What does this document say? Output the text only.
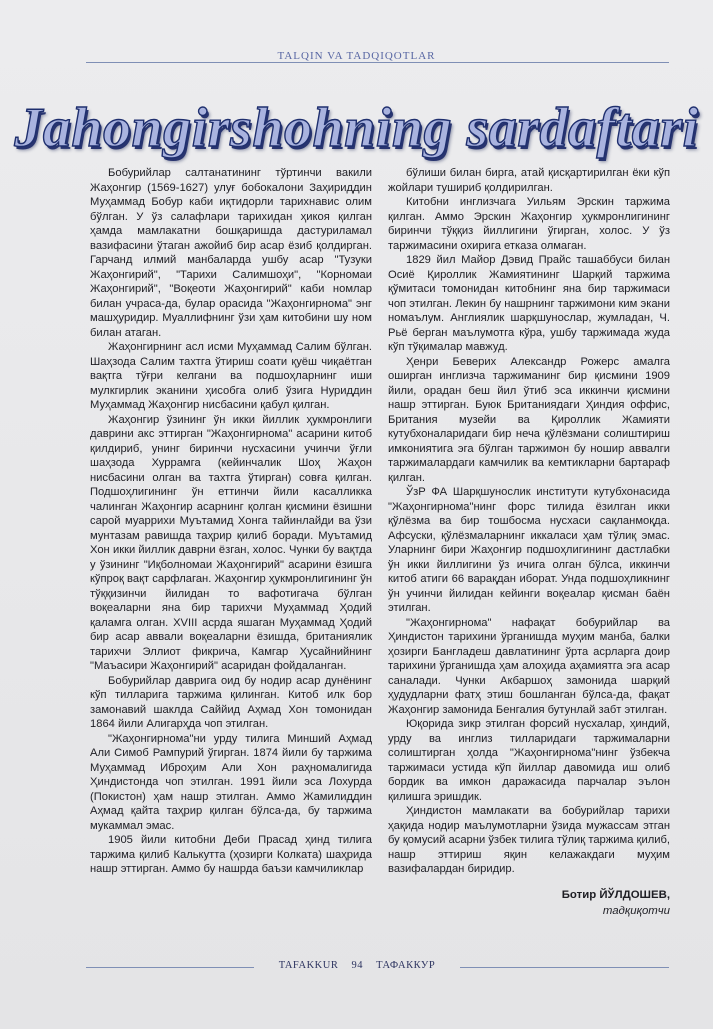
TALQIN VA TADQIQOTLAR
Jahongirshohning sardaftari

Бобурийлар салтанатининг тўртинчи вакили Жаҳонгир (1569-1627) улуғ бобокалони Заҳириддин Муҳаммад Бобур каби иқтидорли тарихнавис олим бўлган. У ўз салафлари тарихидан ҳикоя қилган ҳамда мамлакатни бошқаришда дастуриламал вазифасини ўтаган ажойиб бир асар ёзиб қолдирган. Гарчанд илмий манбаларда ушбу асар "Тузуки Жаҳонгирий", "Тарихи Салимшоҳи", "Корномаи Жаҳонгирий", "Воқеоти Жаҳонгирий" каби номлар билан учраса-да, булар орасида "Жаҳонгирнома" энг машҳуридир. Муаллифнинг ўзи ҳам китобини шу ном билан атаган.

Жаҳонгирнинг асл исми Муҳаммад Салим бўлган. Шаҳзода Салим тахтга ўтириш соати қуёш чиқаётган вақтга тўғри келгани ва подшоҳларнинг иши мулкгирлик эканини ҳисобга олиб ўзига Нуриддин Муҳаммад Жаҳонгир нисбасини қабул қилган.

Жаҳонгир ўзининг ўн икки йиллик ҳукмронлиги даврини акс эттирган "Жаҳонгирнома" асарини китоб қилдириб, унинг биринчи нусхасини учинчи ўғли шаҳзода Хуррамга (кейинчалик Шоҳ Жаҳон нисбасини олган ва тахтга ўтирган) совға қилган. Подшоҳлигининг ўн еттинчи йили касалликка чалинган Жаҳонгир асарнинг қолган қисмини ёзишни сарой муаррихи Муътамид Хонга тайинлайди ва ўзи мунтазам равишда таҳрир қилиб боради. Муътамид Хон икки йиллик даврни ёзган, холос. Чунки бу вақтда у ўзининг "Иқболномаи Жаҳонгирий" асарини ёзишга кўпроқ вақт сарфлаган. Жаҳонгир ҳукмронлигининг ўн тўққизинчи йилидан то вафотигача бўлган воқеаларни яна бир тарихчи Муҳаммад Ҳодий қаламга олган. XVIII асрда яшаган Муҳаммад Ҳодий бир асар аввали воқеаларни ёзишда, британиялик тарихчи Эллиот фикрича, Камгар Ҳусайнийнинг "Маъасири Жаҳонгирий" асаридан фойдаланган.

Бобурийлар даврига оид бу нодир асар дунёнинг кўп тилларига таржима қилинган. Китоб илк бор замонавий шаклда Саййид Аҳмад Хон томонидан 1864 йили Алигарҳда чоп этилган.

"Жаҳонгирнома"ни урду тилига Минший Аҳмад Али Симоб Рампурий ўгирган. 1874 йили бу таржима Муҳаммад Иброҳим Али Хон раҳномалигида Ҳиндистонда чоп этилган. 1991 йили эса Лохурда (Покистон) ҳам нашр этилган. Аммо Жамилиддин Аҳмад қайта таҳрир қилган бўлса-да, бу таржима мукаммал эмас.

1905 йили китобни Деби Прасад ҳинд тилига таржима қилиб Калькутта (ҳозирги Колката) шаҳрида нашр эттирган. Аммо бу нашрда баъзи камчиликлар

бўлиши билан бирга, атай қисқартирилган ёки кўп жойлари тушириб қолдирилган.

Китобни инглизчага Уильям Эрскин таржима қилган. Аммо Эрскин Жаҳонгир ҳукмронлигининг биринчи тўққиз йиллигини ўгирган, холос. У ўз таржимасини охирига етказа олмаган.

1829 йил Майор Дэвид Прайс ташаббуси билан Осиё Қироллик Жамиятининг Шарқий таржима қўмитаси томонидан китобнинг яна бир таржимаси чоп этилган. Лекин бу нашрнинг таржимони ким экани номаълум. Англиялик шарқшунослар, жумладан, Ч. Рьё берган маълумотга кўра, ушбу таржимада жуда кўп тўқималар мавжуд.

Ҳенри Беверих Александр Рожерс амалга оширган инглизча таржиманинг бир қисмини 1909 йили, орадан беш йил ўтиб эса иккинчи қисмини нашр эттирган. Буюк Британиядаги Ҳиндия оффис, Британия музейи ва Қироллик Жамияти кутубхоналаридаги бир неча қўлёзмани солиштириш имкониятига эга бўлган таржимон бу ношир аввалги таржималардаги камчилик ва кемтикларни бартараф қилган.

ЎзР ФА Шарқшунослик институти кутубхонасида "Жаҳонгирнома"нинг форс тилида ёзилган икки қўлёзма ва бир тошбосма нусхаси сақланмоқда. Афсуски, қўлёзмаларнинг иккаласи ҳам тўлиқ эмас. Уларнинг бири Жаҳонгир подшоҳлигининг дастлабки ўн икки йиллигини ўз ичига олган бўлса, иккинчи китоб атиги 66 варақдан иборат. Унда подшоҳликнинг ўн учинчи йилидан кейинги воқеалар қисман баён этилган.

"Жаҳонгирнома" нафақат бобурийлар ва Ҳиндистон тарихини ўрганишда муҳим манба, балки ҳозирги Бангладеш давлатининг ўрта асрларга доир тарихини ўрганишда ҳам алоҳида аҳамиятга эга асар саналади. Чунки Акбаршоҳ замонида шарқий ҳудудларни фатҳ этиш бошланган бўлса-да, фақат Жаҳонгир замонида Бенгалия бутунлай забт этилган.

Юқорида зикр этилган форсий нусхалар, ҳиндий, урду ва инглиз тилларидаги таржималарни солиштирган ҳолда "Жаҳонгирнома"нинг ўзбекча таржимаси устида кўп йиллар давомида иш олиб бордик ва имкон даражасида парчалар эълон қилишга эришдик.

Ҳиндистон мамлакати ва бобурийлар тарихи ҳақида нодир маълумотларни ўзида мужассам этган бу қомусий асарни ўзбек тилига тўлиқ таржима қилиб, нашр эттириш яқин келажакдаги муҳим вазифалардан биридир.

Ботир ЙЎЛДОШЕВ,
тадқиқотчи
TAFAKKUR 94 ТАФАККУР
